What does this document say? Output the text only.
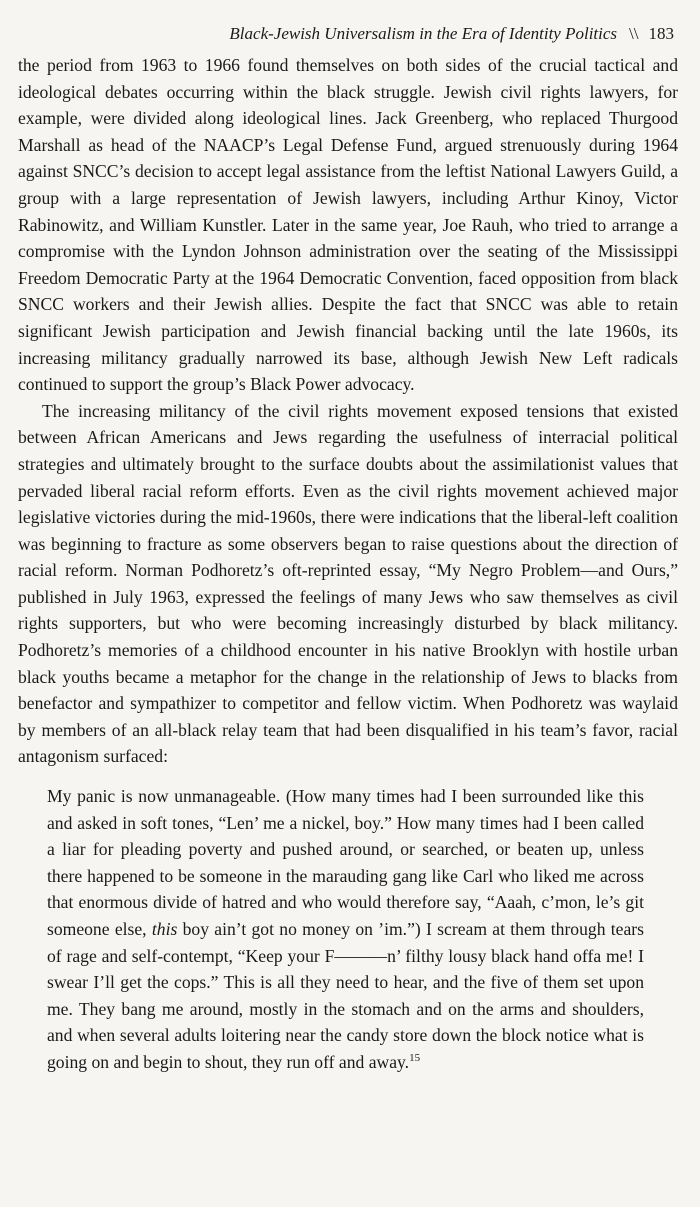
Black-Jewish Universalism in the Era of Identity Politics \\ 183

the period from 1963 to 1966 found themselves on both sides of the crucial tactical and ideological debates occurring within the black struggle. Jewish civil rights lawyers, for example, were divided along ideological lines. Jack Greenberg, who replaced Thurgood Marshall as head of the NAACP’s Legal Defense Fund, argued strenuously during 1964 against SNCC’s decision to accept legal assistance from the leftist National Lawyers Guild, a group with a large representation of Jewish lawyers, including Arthur Kinoy, Victor Rabinowitz, and William Kunstler. Later in the same year, Joe Rauh, who tried to arrange a compromise with the Lyndon Johnson administration over the seating of the Mississippi Freedom Democratic Party at the 1964 Democratic Convention, faced opposition from black SNCC workers and their Jewish allies. Despite the fact that SNCC was able to retain significant Jewish participation and Jewish financial backing until the late 1960s, its increasing militancy gradually narrowed its base, although Jewish New Left radicals continued to support the group’s Black Power advocacy.

The increasing militancy of the civil rights movement exposed tensions that existed between African Americans and Jews regarding the usefulness of interracial political strategies and ultimately brought to the surface doubts about the assimilationist values that pervaded liberal racial reform efforts. Even as the civil rights movement achieved major legislative victories during the mid-1960s, there were indications that the liberal-left coalition was beginning to fracture as some observers began to raise questions about the direction of racial reform. Norman Podhoretz’s oft-reprinted essay, “My Negro Problem—and Ours,” published in July 1963, expressed the feelings of many Jews who saw themselves as civil rights supporters, but who were becoming increasingly disturbed by black militancy. Podhoretz’s memories of a childhood encounter in his native Brooklyn with hostile urban black youths became a metaphor for the change in the relationship of Jews to blacks from benefactor and sympathizer to competitor and fellow victim. When Podhoretz was waylaid by members of an all-black relay team that had been disqualified in his team’s favor, racial antagonism surfaced:

My panic is now unmanageable. (How many times had I been surrounded like this and asked in soft tones, “Len’ me a nickel, boy.” How many times had I been called a liar for pleading poverty and pushed around, or searched, or beaten up, unless there happened to be someone in the marauding gang like Carl who liked me across that enormous divide of hatred and who would therefore say, “Aaah, c’mon, le’s git someone else, this boy ain’t got no money on ’im.”) I scream at them through tears of rage and self-contempt, “Keep your F———n’ filthy lousy black hand offa me! I swear I’ll get the cops.” This is all they need to hear, and the five of them set upon me. They bang me around, mostly in the stomach and on the arms and shoulders, and when several adults loitering near the candy store down the block notice what is going on and begin to shout, they run off and away.$^{15}$
